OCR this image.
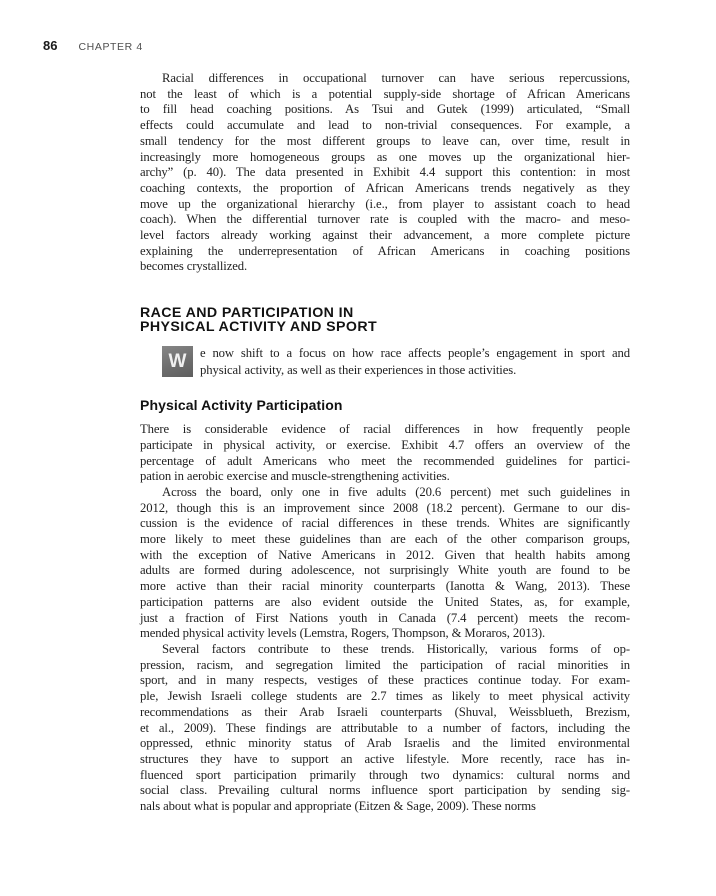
86 CHAPTER 4
Racial differences in occupational turnover can have serious repercussions,
not the least of which is a potential supply-side shortage of African Americans
to fill head coaching positions. As Tsui and Gutek (1999) articulated, “Small
effects could accumulate and lead to non-trivial consequences. For example, a
small tendency for the most different groups to leave can, over time, result in
increasingly more homogeneous groups as one moves up the organizational hier-
archy” (p. 40). The data presented in Exhibit 4.4 support this contention: in most
coaching contexts, the proportion of African Americans trends negatively as they
move up the organizational hierarchy (i.e., from player to assistant coach to head
coach). When the differential turnover rate is coupled with the macro- and meso-
level factors already working against their advancement, a more complete picture
explaining the underrepresentation of African Americans in coaching positions
becomes crystallized.
RACE AND PARTICIPATION IN
PHYSICAL ACTIVITY AND SPORT
W e now shift to a focus on how race affects people’s engagement in sport and
physical activity, as well as their experiences in those activities.
Physical Activity Participation
There is considerable evidence of racial differences in how frequently people
participate in physical activity, or exercise. Exhibit 4.7 offers an overview of the
percentage of adult Americans who meet the recommended guidelines for partici-
pation in aerobic exercise and muscle-strengthening activities.
Across the board, only one in five adults (20.6 percent) met such guidelines in
2012, though this is an improvement since 2008 (18.2 percent). Germane to our dis-
cussion is the evidence of racial differences in these trends. Whites are significantly
more likely to meet these guidelines than are each of the other comparison groups,
with the exception of Native Americans in 2012. Given that health habits among
adults are formed during adolescence, not surprisingly White youth are found to be
more active than their racial minority counterparts (Ianotta & Wang, 2013). These
participation patterns are also evident outside the United States, as, for example,
just a fraction of First Nations youth in Canada (7.4 percent) meets the recom-
mended physical activity levels (Lemstra, Rogers, Thompson, & Moraros, 2013).
Several factors contribute to these trends. Historically, various forms of op-
pression, racism, and segregation limited the participation of racial minorities in
sport, and in many respects, vestiges of these practices continue today. For exam-
ple, Jewish Israeli college students are 2.7 times as likely to meet physical activity
recommendations as their Arab Israeli counterparts (Shuval, Weissblueth, Brezism,
et al., 2009). These findings are attributable to a number of factors, including the
oppressed, ethnic minority status of Arab Israelis and the limited environmental
structures they have to support an active lifestyle. More recently, race has in-
fluenced sport participation primarily through two dynamics: cultural norms and
social class. Prevailing cultural norms influence sport participation by sending sig-
nals about what is popular and appropriate (Eitzen & Sage, 2009). These norms
